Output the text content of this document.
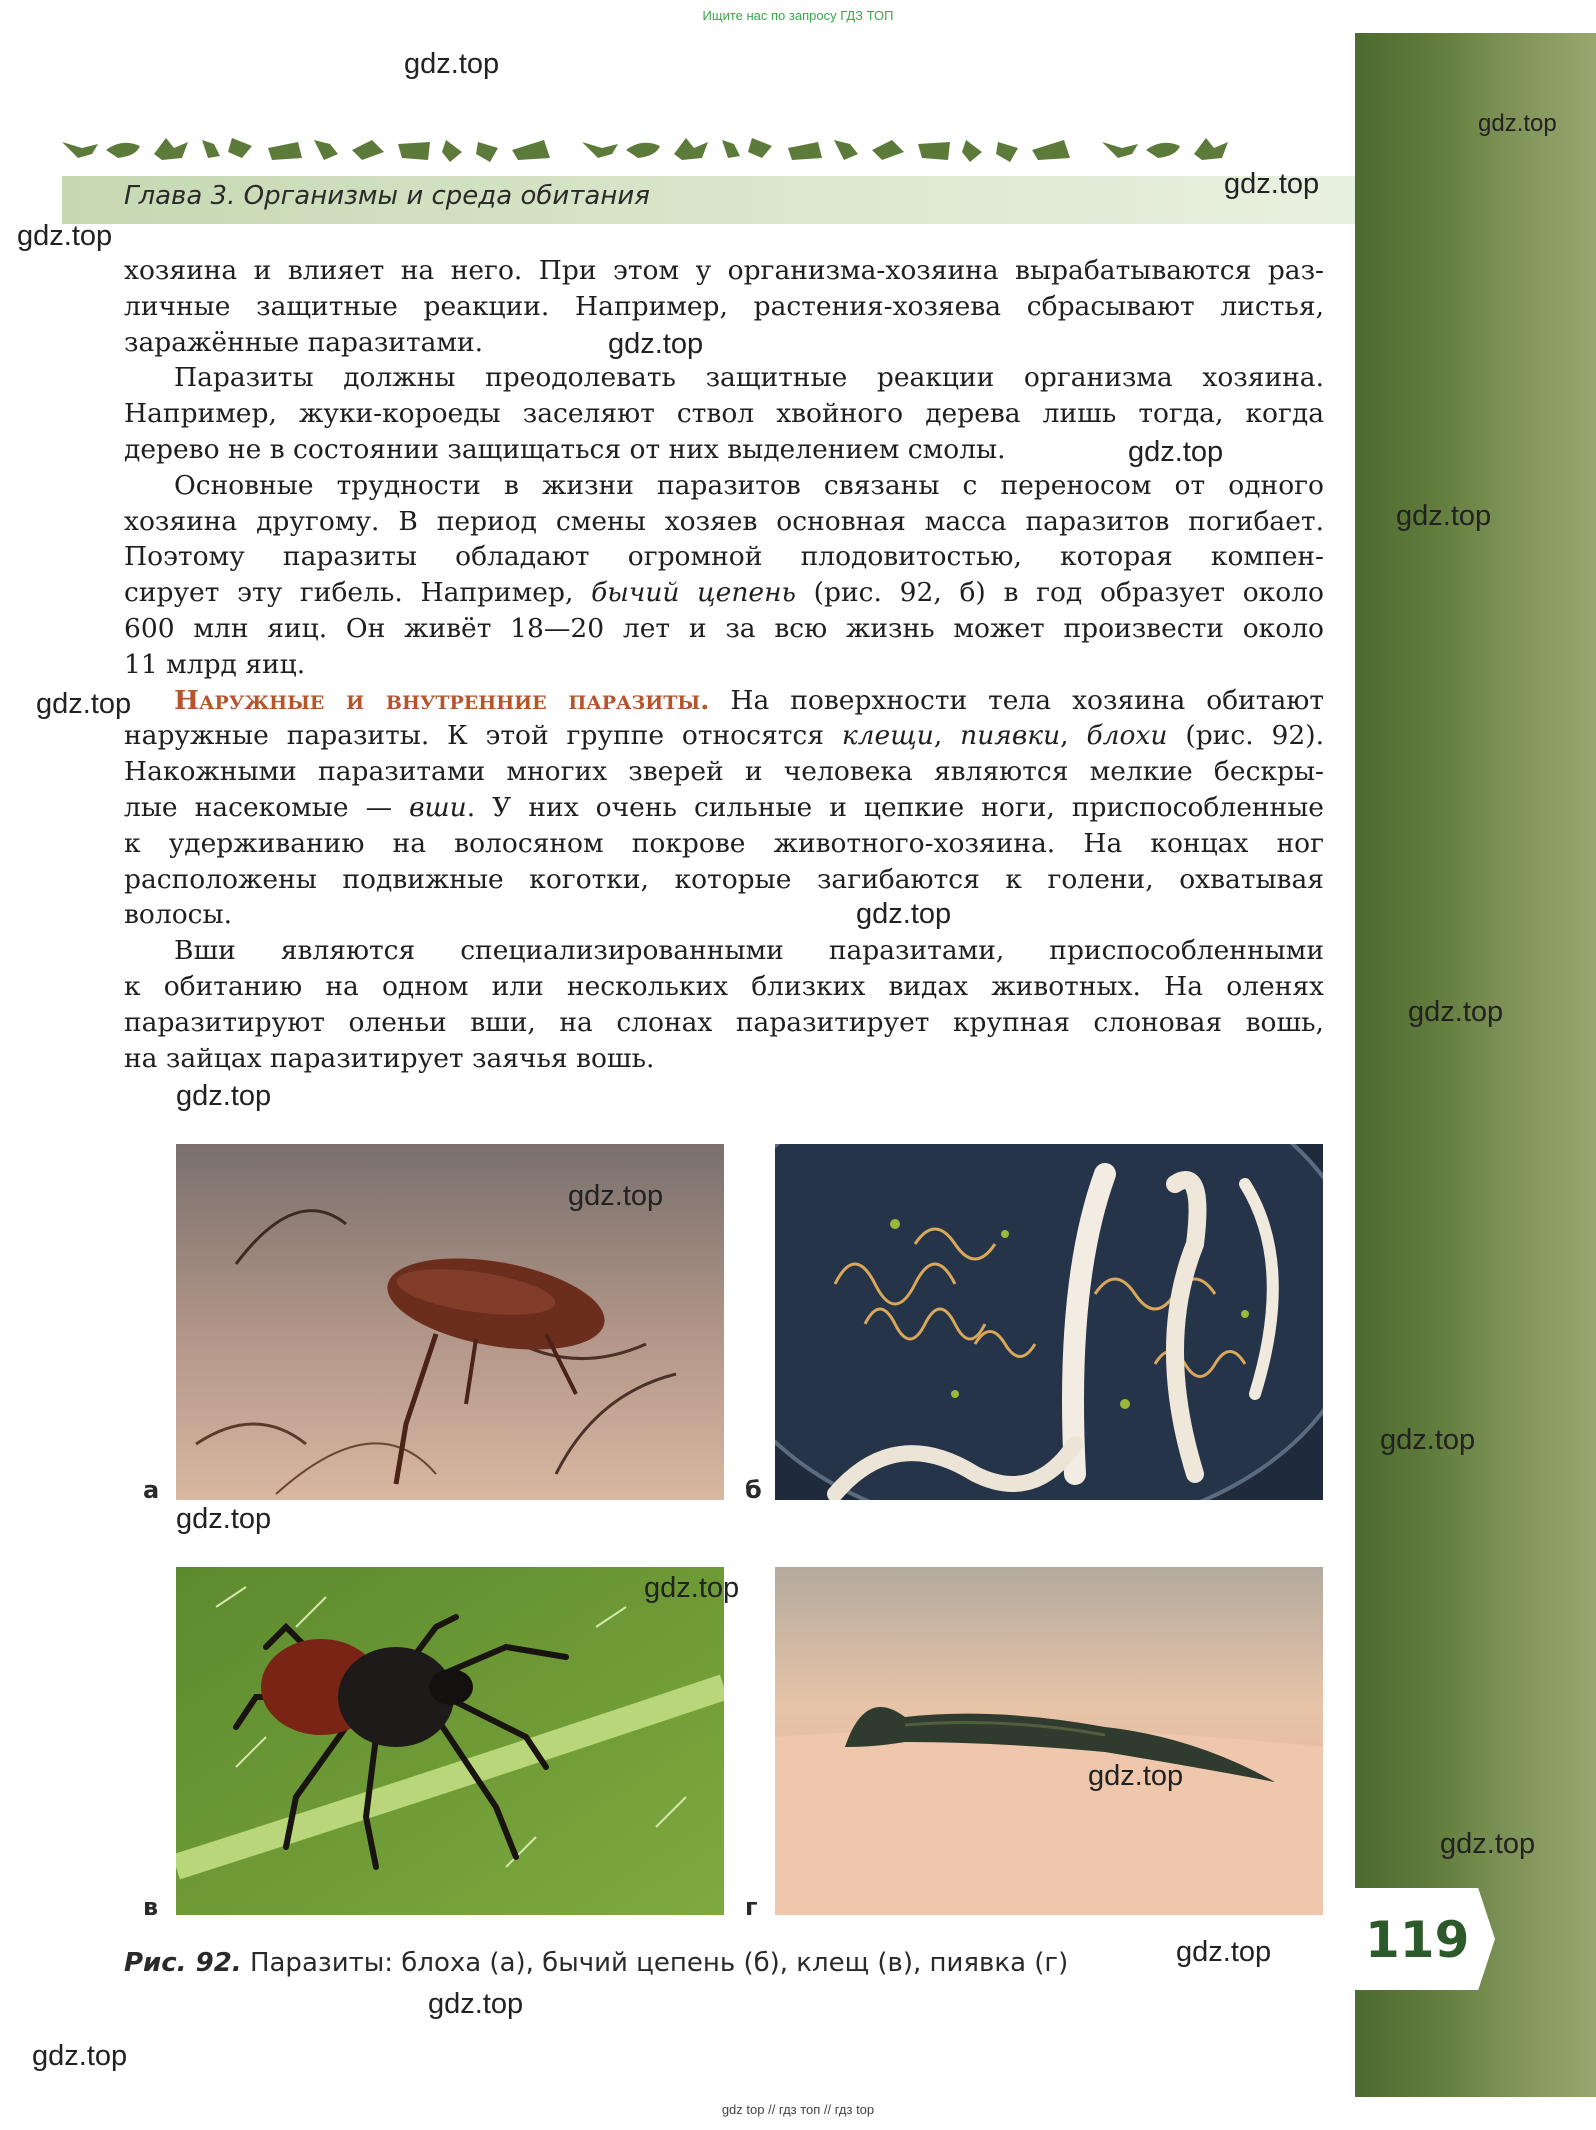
Ищите нас по запросу ГДЗ ТОП
gdz top // гдз топ // гдз top
119
Глава 3. Организмы и среда обитания

хозяина и влияет на него. При этом у организма-хозяина вырабатываются раз-
личные защитные реакции. Например, растения-хозяева сбрасывают листья,
заражённые паразитами.

Паразиты должны преодолевать защитные реакции организма хозяина.
Например, жуки-короеды заселяют ствол хвойного дерева лишь тогда, когда
дерево не в состоянии защищаться от них выделением смолы.

Основные трудности в жизни паразитов связаны с переносом от одного
хозяина другому. В период смены хозяев основная масса паразитов погибает.
Поэтому паразиты обладают огромной плодовитостью, которая компен-
сирует эту гибель. Например, бычий цепень (рис. 92, б) в год образует около
600 млн яиц. Он живёт 18—20 лет и за всю жизнь может произвести около
11 млрд яиц.

Наружные и внутренние паразиты. На поверхности тела хозяина обитают
наружные паразиты. К этой группе относятся клещи, пиявки, блохи (рис. 92).
Накожными паразитами многих зверей и человека являются мелкие бескры-
лые насекомые — вши. У них очень сильные и цепкие ноги, приспособленные
к удерживанию на волосяном покрове животного-хозяина. На концах ног
расположены подвижные коготки, которые загибаются к голени, охватывая
волосы.

Вши являются специализированными паразитами, приспособленными
к обитанию на одном или нескольких близких видах животных. На оленях
паразитируют оленьи вши, на слонах паразитирует крупная слоновая вошь,
на зайцах паразитирует заячья вошь.

а	б
в	г
Рис. 92. Паразиты: блоха (а), бычий цепень (б), клещ (в), пиявка (г)
gdz.top
gdz.top
gdz.top
gdz.top
gdz.top
gdz.top
gdz.top
gdz.top
gdz.top
gdz.top
gdz.top
gdz.top
gdz.top
gdz.top
gdz.top
gdz.top
gdz.top
gdz.top
gdz.top
gdz.top
